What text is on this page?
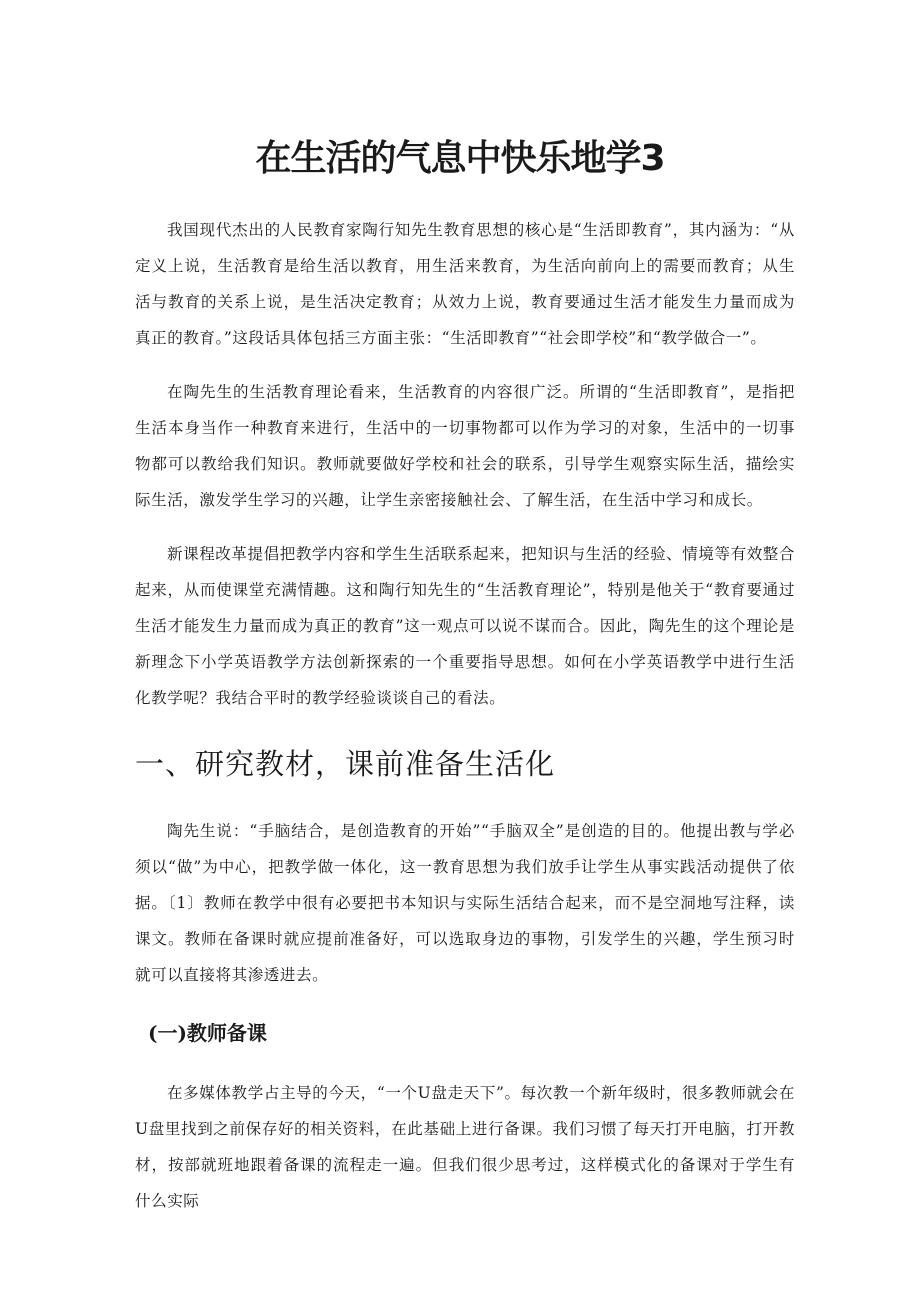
在生活的气息中快乐地学3

我国现代杰出的人民教育家陶行知先生教育思想的核心是“生活即教育”，其内涵为：“从定义上说，生活教育是给生活以教育，用生活来教育，为生活向前向上的需要而教育；从生活与教育的关系上说，是生活决定教育；从效力上说，教育要通过生活才能发生力量而成为真正的教育。”这段话具体包括三方面主张：“生活即教育”“社会即学校”和“教学做合一”。

在陶先生的生活教育理论看来，生活教育的内容很广泛。所谓的“生活即教育”，是指把生活本身当作一种教育来进行，生活中的一切事物都可以作为学习的对象，生活中的一切事物都可以教给我们知识。教师就要做好学校和社会的联系，引导学生观察实际生活，描绘实际生活，激发学生学习的兴趣，让学生亲密接触社会、了解生活，在生活中学习和成长。

新课程改革提倡把教学内容和学生生活联系起来，把知识与生活的经验、情境等有效整合起来，从而使课堂充满情趣。这和陶行知先生的“生活教育理论”，特别是他关于“教育要通过生活才能发生力量而成为真正的教育”这一观点可以说不谋而合。因此，陶先生的这个理论是新理念下小学英语教学方法创新探索的一个重要指导思想。如何在小学英语教学中进行生活化教学呢？我结合平时的教学经验谈谈自己的看法。

一、研究教材，课前准备生活化

陶先生说：“手脑结合，是创造教育的开始”“手脑双全”是创造的目的。他提出教与学必须以“做”为中心，把教学做一体化，这一教育思想为我们放手让学生从事实践活动提供了依据。〔1〕教师在教学中很有必要把书本知识与实际生活结合起来，而不是空洞地写注释，读课文。教师在备课时就应提前准备好，可以选取身边的事物，引发学生的兴趣，学生预习时就可以直接将其渗透进去。

(一)教师备课

在多媒体教学占主导的今天，“一个U盘走天下”。每次教一个新年级时，很多教师就会在U盘里找到之前保存好的相关资料，在此基础上进行备课。我们习惯了每天打开电脑，打开教材，按部就班地跟着备课的流程走一遍。但我们很少思考过，这样模式化的备课对于学生有什么实际
